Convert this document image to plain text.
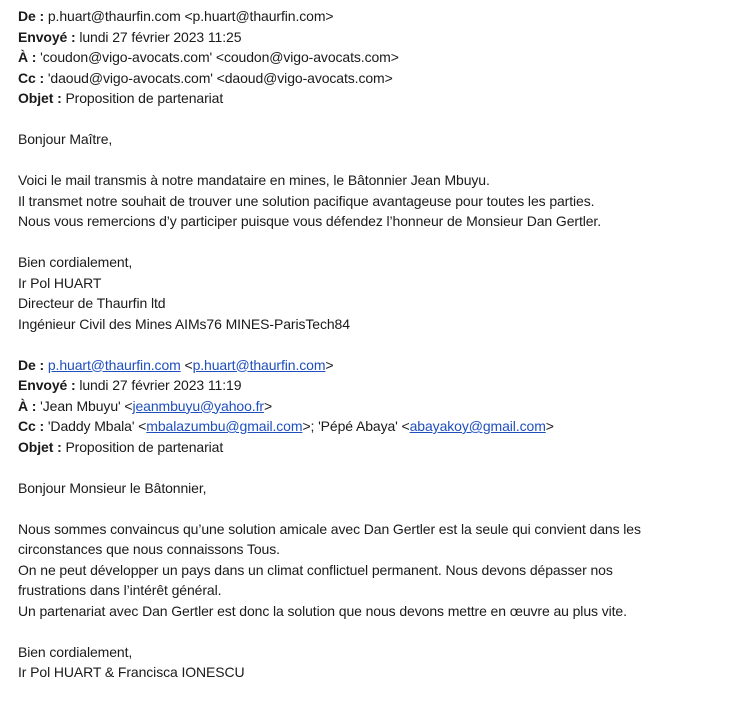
De : p.huart@thaurfin.com <p.huart@thaurfin.com>
Envoyé : lundi 27 février 2023 11:25
À : 'coudon@vigo-avocats.com' <coudon@vigo-avocats.com>
Cc : 'daoud@vigo-avocats.com' <daoud@vigo-avocats.com>
Objet : Proposition de partenariat
Bonjour Maître,
Voici le mail transmis à notre mandataire en mines, le Bâtonnier Jean Mbuyu.
Il transmet notre souhait de trouver une solution pacifique avantageuse pour toutes les parties.
Nous vous remercions d’y participer puisque vous défendez l’honneur de Monsieur Dan Gertler.
Bien cordialement,
Ir Pol HUART
Directeur de Thaurfin ltd
Ingénieur Civil des Mines AIMs76 MINES-ParisTech84
De : p.huart@thaurfin.com <p.huart@thaurfin.com>
Envoyé : lundi 27 février 2023 11:19
À : 'Jean Mbuyu' <jeanmbuyu@yahoo.fr>
Cc : 'Daddy Mbala' <mbalazumbu@gmail.com>; 'Pépé Abaya' <abayakoy@gmail.com>
Objet : Proposition de partenariat
Bonjour Monsieur le Bâtonnier,
Nous sommes convaincus qu’une solution amicale avec Dan Gertler est la seule qui convient dans les
circonstances que nous connaissons Tous.
On ne peut développer un pays dans un climat conflictuel permanent. Nous devons dépasser nos
frustrations dans l’intérêt général.
Un partenariat avec Dan Gertler est donc la solution que nous devons mettre en œuvre au plus vite.
Bien cordialement,
Ir Pol HUART & Francisca IONESCU
